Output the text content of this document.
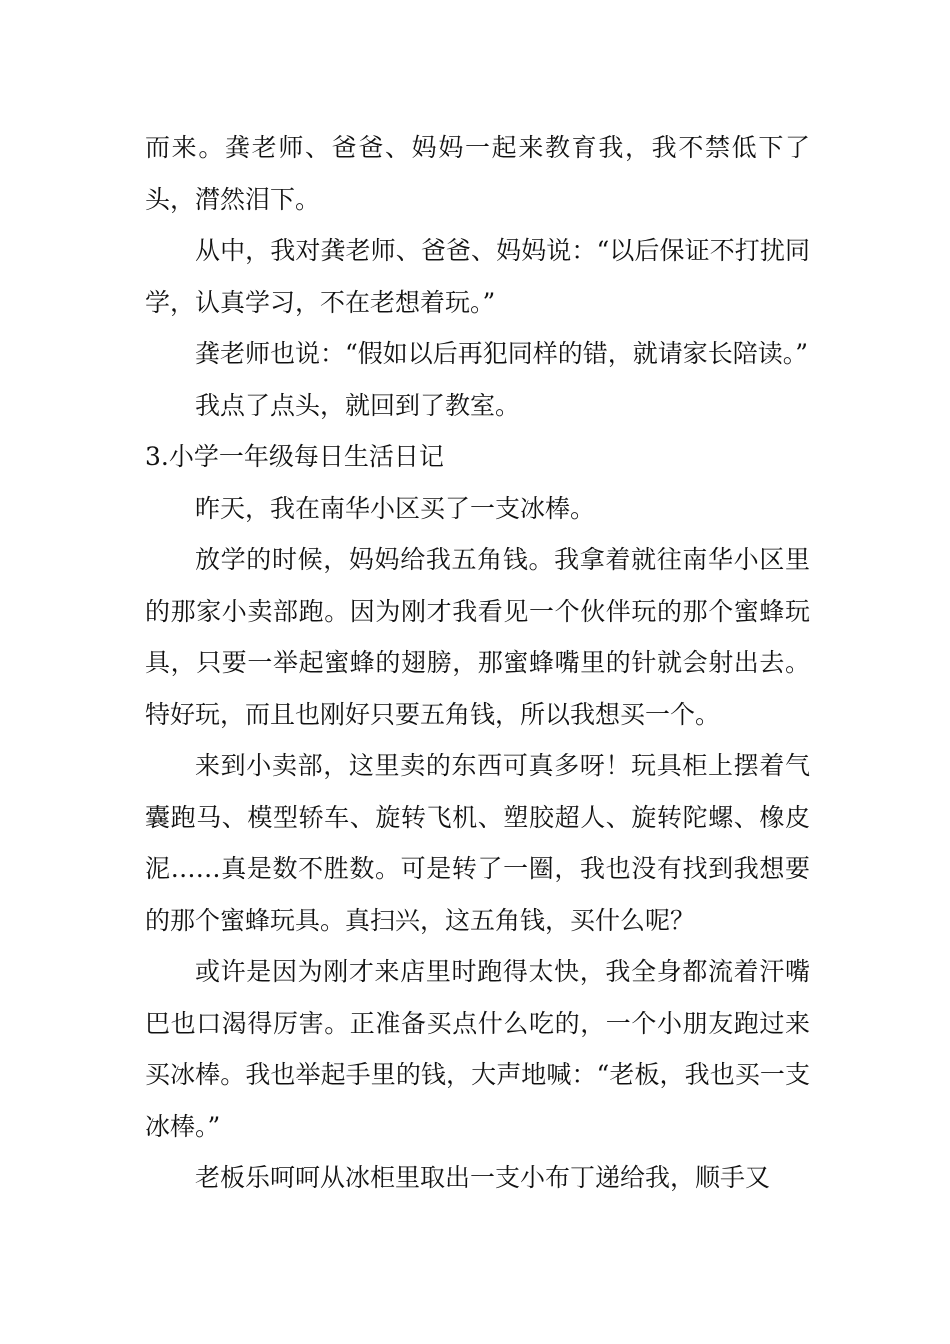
而来。龚老师、爸爸、妈妈一起来教育我，我不禁低下了头，潸然泪下。

从中，我对龚老师、爸爸、妈妈说：“以后保证不打扰同学，认真学习，不在老想着玩。”

龚老师也说：“假如以后再犯同样的错，就请家长陪读。”

我点了点头，就回到了教室。

3.小学一年级每日生活日记

昨天，我在南华小区买了一支冰棒。

放学的时候，妈妈给我五角钱。我拿着就往南华小区里的那家小卖部跑。因为刚才我看见一个伙伴玩的那个蜜蜂玩具，只要一举起蜜蜂的翅膀，那蜜蜂嘴里的针就会射出去。特好玩，而且也刚好只要五角钱，所以我想买一个。

来到小卖部，这里卖的东西可真多呀！玩具柜上摆着气囊跑马、模型轿车、旋转飞机、塑胶超人、旋转陀螺、橡皮泥……真是数不胜数。可是转了一圈，我也没有找到我想要的那个蜜蜂玩具。真扫兴，这五角钱，买什么呢？

或许是因为刚才来店里时跑得太快，我全身都流着汗嘴巴也口渴得厉害。正准备买点什么吃的，一个小朋友跑过来买冰棒。我也举起手里的钱，大声地喊：“老板，我也买一支冰棒。”

老板乐呵呵从冰柜里取出一支小布丁递给我，顺手又
